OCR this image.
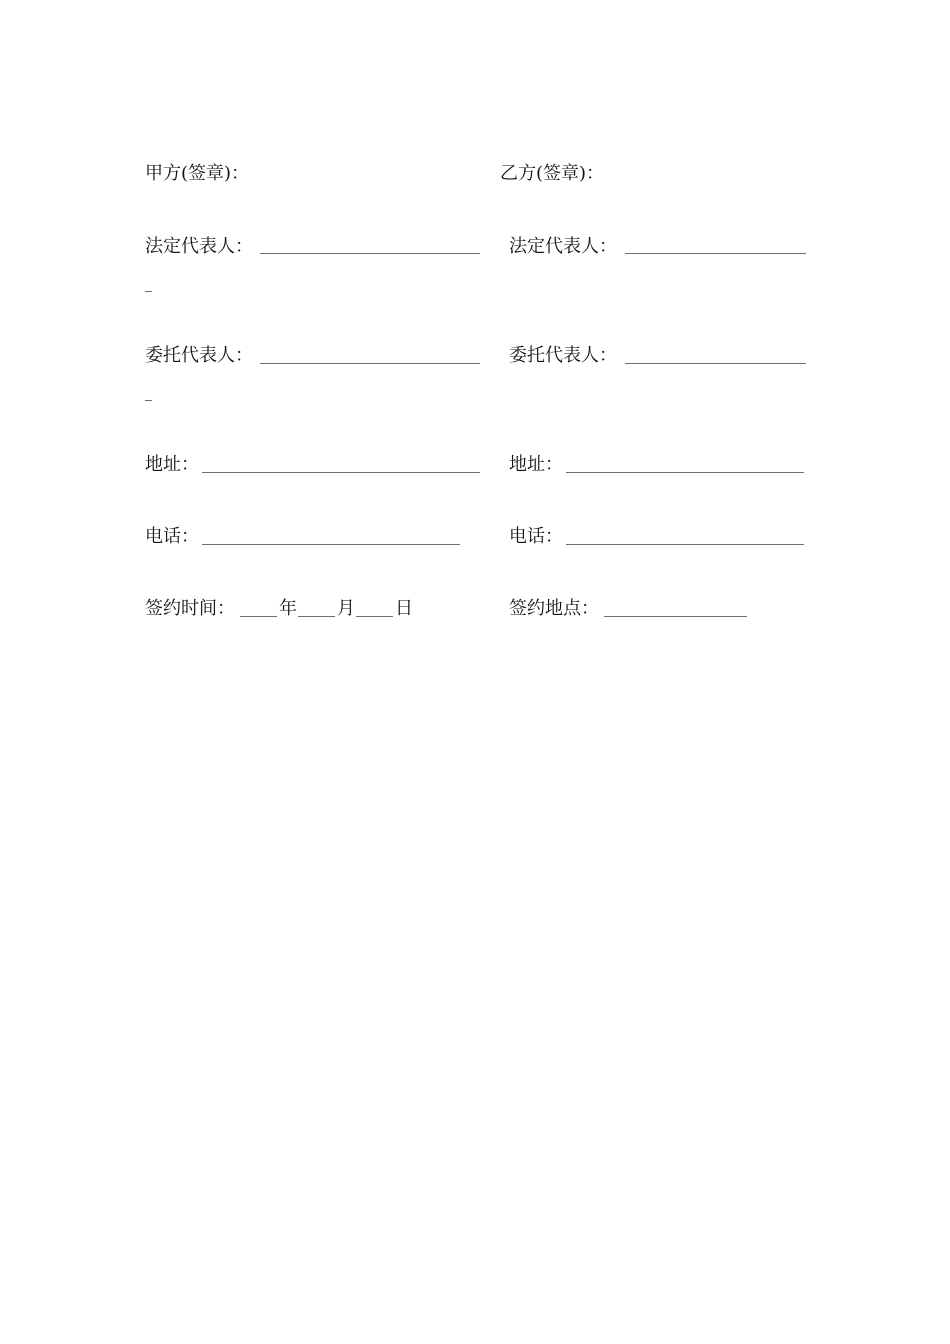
甲方(签章)：
法定代表人：
委托代表人：
地址：
电话：
签约时间： 年 月 日
乙方(签章)：
法定代表人：
委托代表人：
地址：
电话：
签约地点：
